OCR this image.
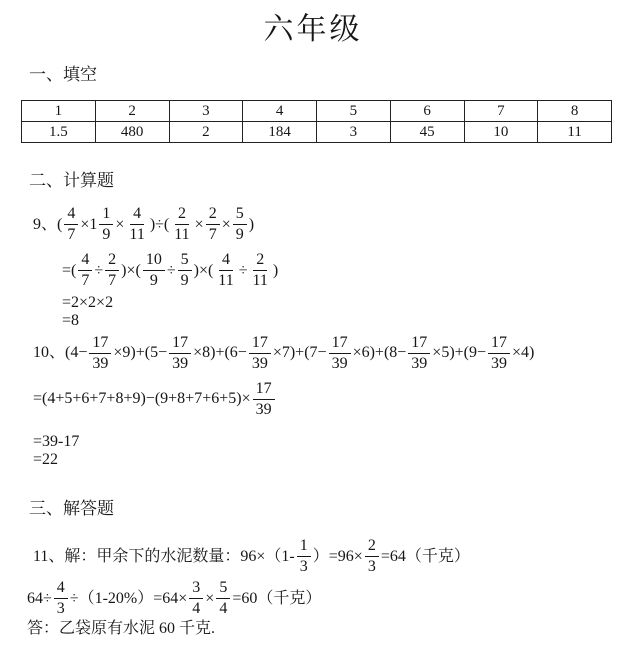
六年级
一、填空
1	2	3	4	5	6	7	8
1.5	480	2	184	3	45	10	11
二、计算题
9、( $\frac{4}{7} \times 1 \frac{1}{9} \times \frac{4}{11}$ )÷( $\frac{2}{11} \times \frac{2}{7} \times \frac{5}{9}$ )
=( $\frac{4}{7} \div \frac{2}{7}$ )×( $\frac{10}{9} \div \frac{5}{9}$ )×( $\frac{4}{11} \div \frac{2}{11}$ )
=2×2×2
=8
10、$(4- \frac{17}{39} \times 9)+(5- \frac{17}{39} \times 8)+(6- \frac{17}{39} \times 7)+(7- \frac{17}{39} \times 6)+(8- \frac{17}{39} \times 5)+(9- \frac{17}{39} \times 4)$
$=(4+5+6+7+8+9)-(9+8+7+6+5)\times \frac{17}{39}$
=39-17
=22
三、解答题
11、解：甲余下的水泥数量：$96\times(1- \frac{1}{3} )=96\times \frac{2}{3} =64$（千克）
$64\div \frac{4}{3} \div(1-20\%)=64\times \frac{3}{4} \times \frac{5}{4} =60$（千克）
答：乙袋原有水泥 60 千克.
